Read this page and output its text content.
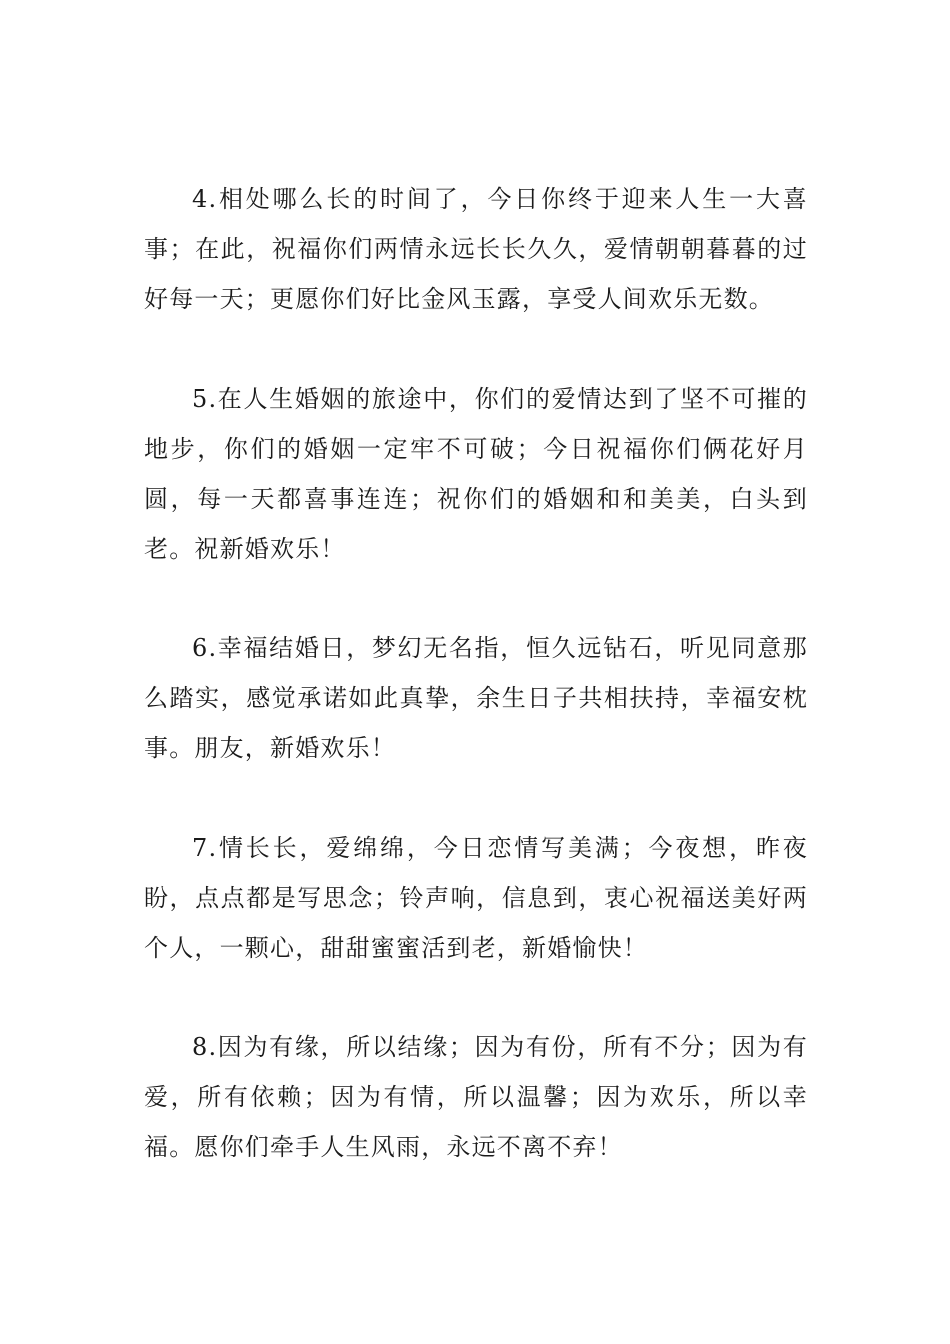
4.相处哪么长的时间了，今日你终于迎来人生一大喜事；在此，祝福你们两情永远长长久久，爱情朝朝暮暮的过好每一天；更愿你们好比金风玉露，享受人间欢乐无数。

5.在人生婚姻的旅途中，你们的爱情达到了坚不可摧的地步，你们的婚姻一定牢不可破；今日祝福你们俩花好月圆，每一天都喜事连连；祝你们的婚姻和和美美，白头到老。祝新婚欢乐！

6.幸福结婚日，梦幻无名指，恒久远钻石，听见同意那么踏实，感觉承诺如此真挚，余生日子共相扶持，幸福安枕事。朋友，新婚欢乐！

7.情长长，爱绵绵，今日恋情写美满；今夜想，昨夜盼，点点都是写思念；铃声响，信息到，衷心祝福送美好两个人，一颗心，甜甜蜜蜜活到老，新婚愉快！

8.因为有缘，所以结缘；因为有份，所有不分；因为有爱，所有依赖；因为有情，所以温馨；因为欢乐，所以幸福。愿你们牵手人生风雨，永远不离不弃！
